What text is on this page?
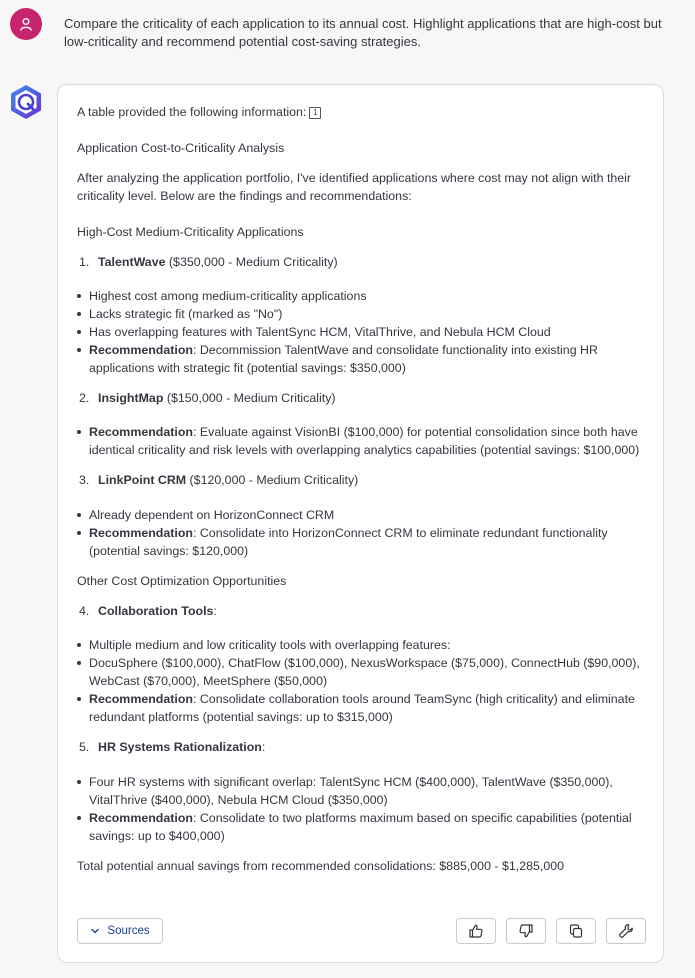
Compare the criticality of each application to its annual cost. Highlight applications that are high-cost but low-criticality and recommend potential cost-saving strategies.

A table provided the following information: 1

Application Cost-to-Criticality Analysis

After analyzing the application portfolio, I've identified applications where cost may not align with their criticality level. Below are the findings and recommendations:

High-Cost Medium-Criticality Applications

1. TalentWave ($350,000 - Medium Criticality)

Highest cost among medium-criticality applications
Lacks strategic fit (marked as "No")
Has overlapping features with TalentSync HCM, VitalThrive, and Nebula HCM Cloud
Recommendation: Decommission TalentWave and consolidate functionality into existing HR applications with strategic fit (potential savings: $350,000)

2. InsightMap ($150,000 - Medium Criticality)

Recommendation: Evaluate against VisionBI ($100,000) for potential consolidation since both have identical criticality and risk levels with overlapping analytics capabilities (potential savings: $100,000)

3. LinkPoint CRM ($120,000 - Medium Criticality)

Already dependent on HorizonConnect CRM
Recommendation: Consolidate into HorizonConnect CRM to eliminate redundant functionality (potential savings: $120,000)

Other Cost Optimization Opportunities

4. Collaboration Tools:

Multiple medium and low criticality tools with overlapping features:
DocuSphere ($100,000), ChatFlow ($100,000), NexusWorkspace ($75,000), ConnectHub ($90,000), WebCast ($70,000), MeetSphere ($50,000)
Recommendation: Consolidate collaboration tools around TeamSync (high criticality) and eliminate redundant platforms (potential savings: up to $315,000)

5. HR Systems Rationalization:

Four HR systems with significant overlap: TalentSync HCM ($400,000), TalentWave ($350,000), VitalThrive ($400,000), Nebula HCM Cloud ($350,000)
Recommendation: Consolidate to two platforms maximum based on specific capabilities (potential savings: up to $400,000)

Total potential annual savings from recommended consolidations: $885,000 - $1,285,000

Sources
